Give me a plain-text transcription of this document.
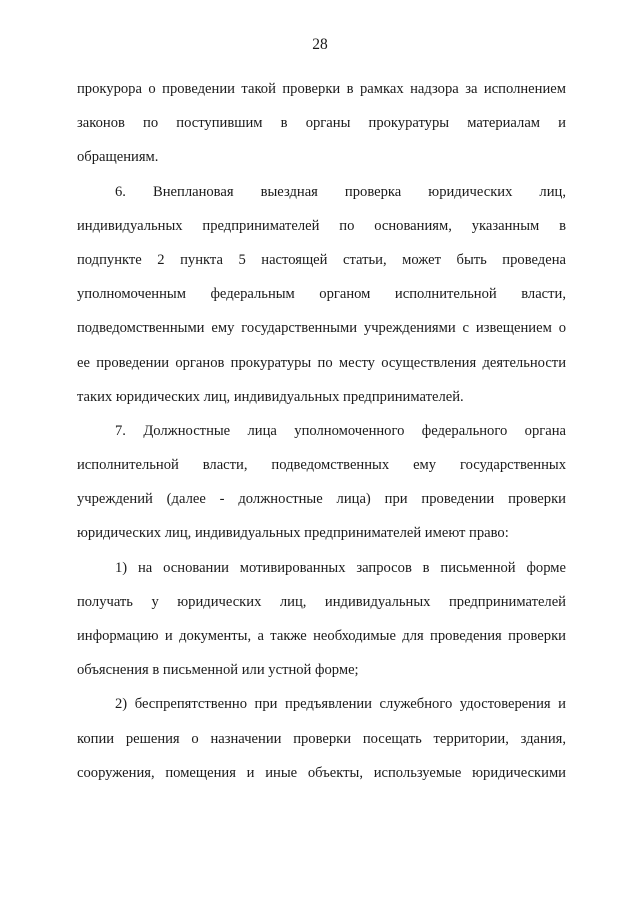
28
прокурора о проведении такой проверки в рамках надзора за исполнением
законов по поступившим в органы прокуратуры материалам и
обращениям.
6. Внеплановая выездная проверка юридических лиц,
индивидуальных предпринимателей по основаниям, указанным в
подпункте 2 пункта 5 настоящей статьи, может быть проведена
уполномоченным федеральным органом исполнительной власти,
подведомственными ему государственными учреждениями с извещением о
ее проведении органов прокуратуры по месту осуществления деятельности
таких юридических лиц, индивидуальных предпринимателей.
7. Должностные лица уполномоченного федерального органа
исполнительной власти, подведомственных ему государственных
учреждений (далее - должностные лица) при проведении проверки
юридических лиц, индивидуальных предпринимателей имеют право:
1) на основании мотивированных запросов в письменной форме
получать у юридических лиц, индивидуальных предпринимателей
информацию и документы, а также необходимые для проведения проверки
объяснения в письменной или устной форме;
2) беспрепятственно при предъявлении служебного удостоверения и
копии решения о назначении проверки посещать территории, здания,
сооружения, помещения и иные объекты, используемые юридическими
